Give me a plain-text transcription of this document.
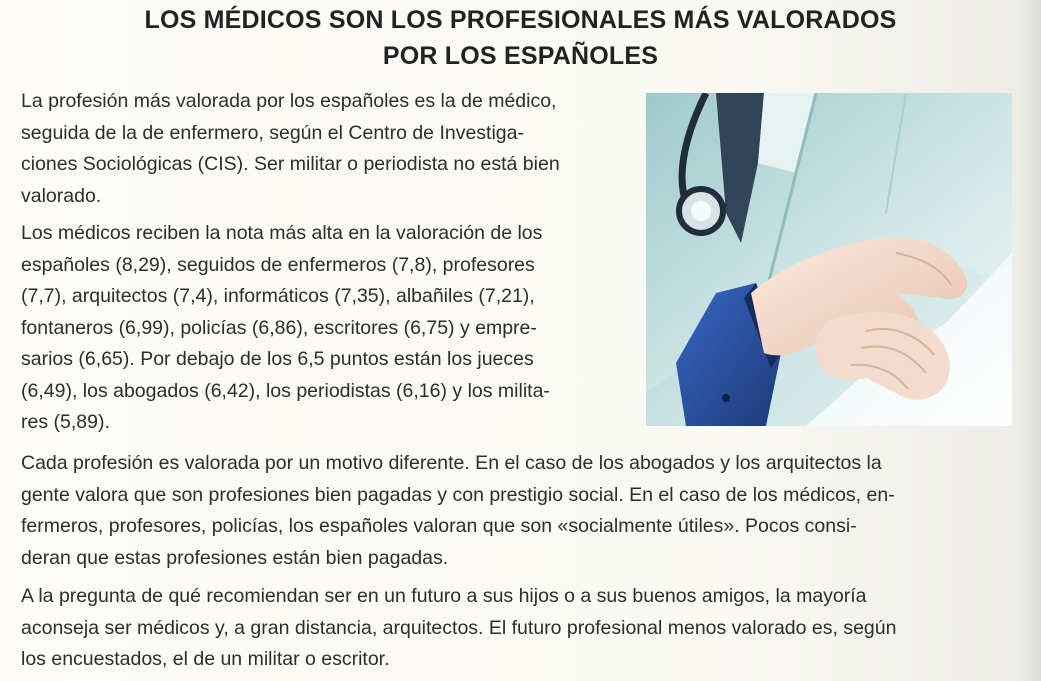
LOS MÉDICOS SON LOS PROFESIONALES MÁS VALORADOS
POR LOS ESPAÑOLES

La profesión más valorada por los españoles es la de médico,
seguida de la de enfermero, según el Centro de Investiga-
ciones Sociológicas (CIS). Ser militar o periodista no está bien
valorado.

Los médicos reciben la nota más alta en la valoración de los
españoles (8,29), seguidos de enfermeros (7,8), profesores
(7,7), arquitectos (7,4), informáticos (7,35), albañiles (7,21),
fontaneros (6,99), policías (6,86), escritores (6,75) y empre-
sarios (6,65). Por debajo de los 6,5 puntos están los jueces
(6,49), los abogados (6,42), los periodistas (6,16) y los milita-
res (5,89).

Cada profesión es valorada por un motivo diferente. En el caso de los abogados y los arquitectos la
gente valora que son profesiones bien pagadas y con prestigio social. En el caso de los médicos, en-
fermeros, profesores, policías, los españoles valoran que son «socialmente útiles». Pocos consi-
deran que estas profesiones están bien pagadas.

A la pregunta de qué recomiendan ser en un futuro a sus hijos o a sus buenos amigos, la mayoría
aconseja ser médicos y, a gran distancia, arquitectos. El futuro profesional menos valorado es, según
los encuestados, el de un militar o escritor.
